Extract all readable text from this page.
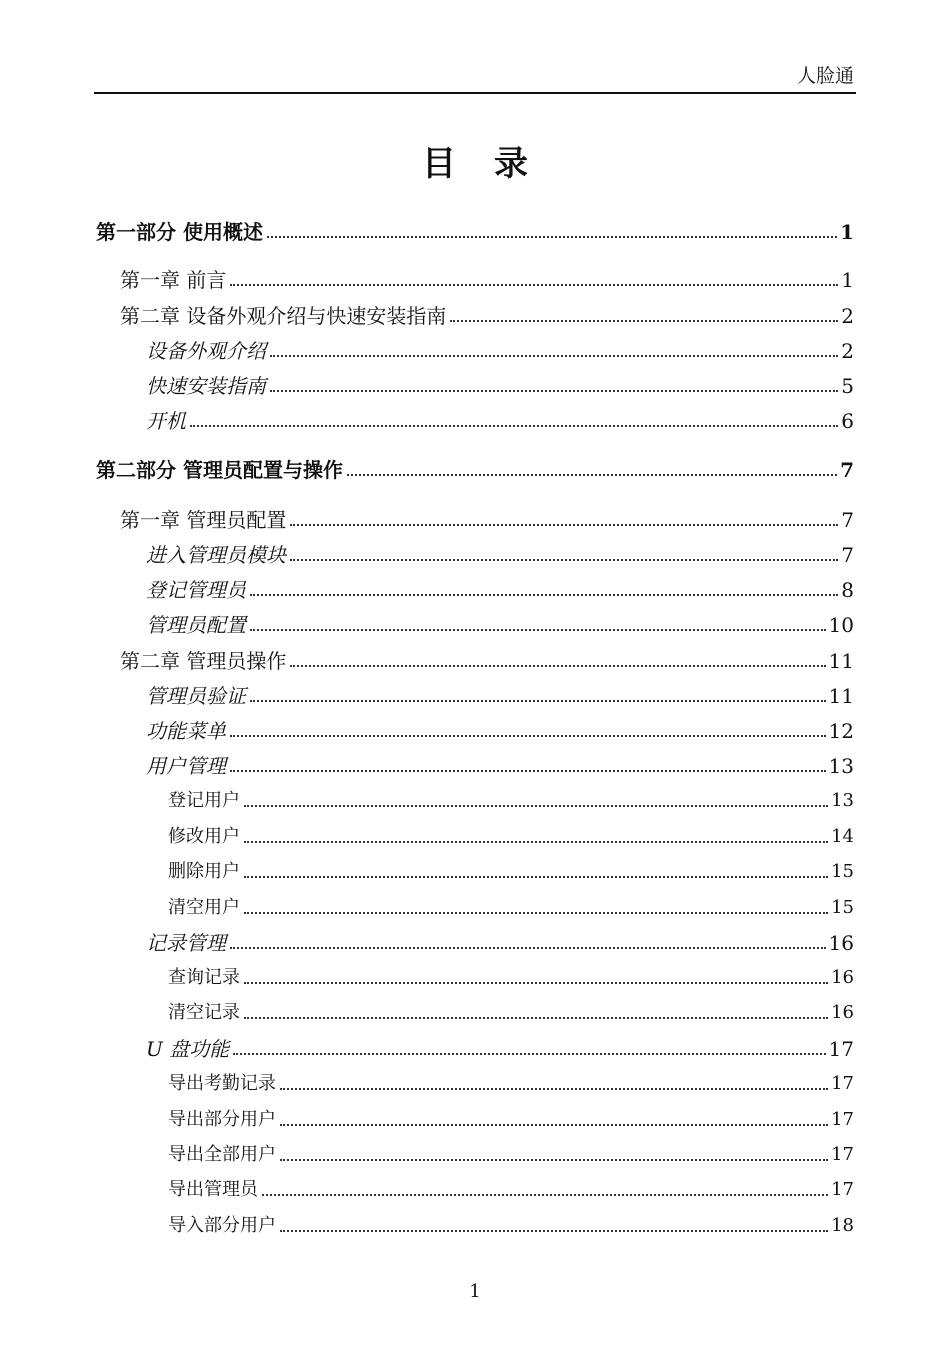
人脸通
目录
第一部分 使用概述	1
第一章 前言	1
第二章 设备外观介绍与快速安装指南	2
设备外观介绍	2
快速安装指南	5
开机	6
第二部分 管理员配置与操作	7
第一章 管理员配置	7
进入管理员模块	7
登记管理员	8
管理员配置	10
第二章 管理员操作	11
管理员验证	11
功能菜单	12
用户管理	13
登记用户	13
修改用户	14
删除用户	15
清空用户	15
记录管理	16
查询记录	16
清空记录	16
U 盘功能	17
导出考勤记录	17
导出部分用户	17
导出全部用户	17
导出管理员	17
导入部分用户	18
1
